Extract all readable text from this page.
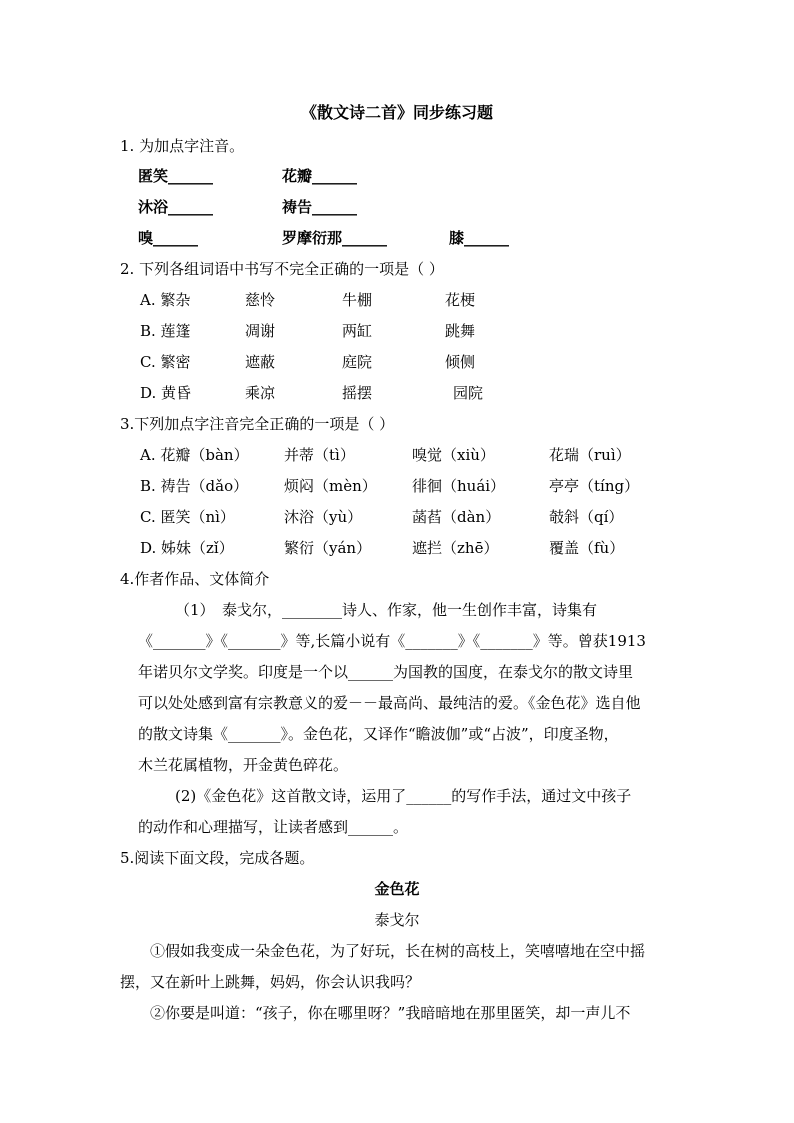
《散文诗二首》同步练习题
1. 为加点字注音。
匿笑______	花瓣______
沐浴______	祷告______
嗅______	罗摩衍那______	膝______
2. 下列各组词语中书写不完全正确的一项是（ ）
A. 繁杂	慈怜	牛棚	花梗
B. 莲篷	凋谢	两缸	跳舞
C. 繁密	遮蔽	庭院	倾侧
D. 黄昏	乘凉	摇摆	园院
3.下列加点字注音完全正确的一项是（ ）
A. 花瓣（bàn） 并蒂（tì）	嗅觉（xiù）	花瑞（ruì）
B. 祷告（dǎo） 烦闷（mèn） 徘徊（huái）	亭亭（tíng）
C. 匿笑（nì）	沐浴（yù）	菡萏（dàn）	攲斜（qí）
D. 姊妹（zǐ）	繁衍（yán）	遮拦（zhē）	覆盖（fù）
4.作者作品、文体简介
（1）　泰戈尔，________诗人、作家，他一生创作丰富，诗集有
《_______》《_______》等,长篇小说有《_______》《_______》等。曾获1913
年诺贝尔文学奖。印度是一个以______为国教的国度，在泰戈尔的散文诗里
可以处处感到富有宗教意义的爱－－最高尚、最纯洁的爱。《金色花》选自他
的散文诗集《_______》。金色花，又译作“瞻波伽”或“占波”，印度圣物，
木兰花属植物，开金黄色碎花。
(2)《金色花》这首散文诗，运用了______的写作手法，通过文中孩子
的动作和心理描写，让读者感到______。
5.阅读下面文段，完成各题。
金色花
泰戈尔
①假如我变成一朵金色花，为了好玩，长在树的高枝上，笑嘻嘻地在空中摇
摆，又在新叶上跳舞，妈妈，你会认识我吗？
②你要是叫道：“孩子，你在哪里呀？”我暗暗地在那里匿笑，却一声儿不
